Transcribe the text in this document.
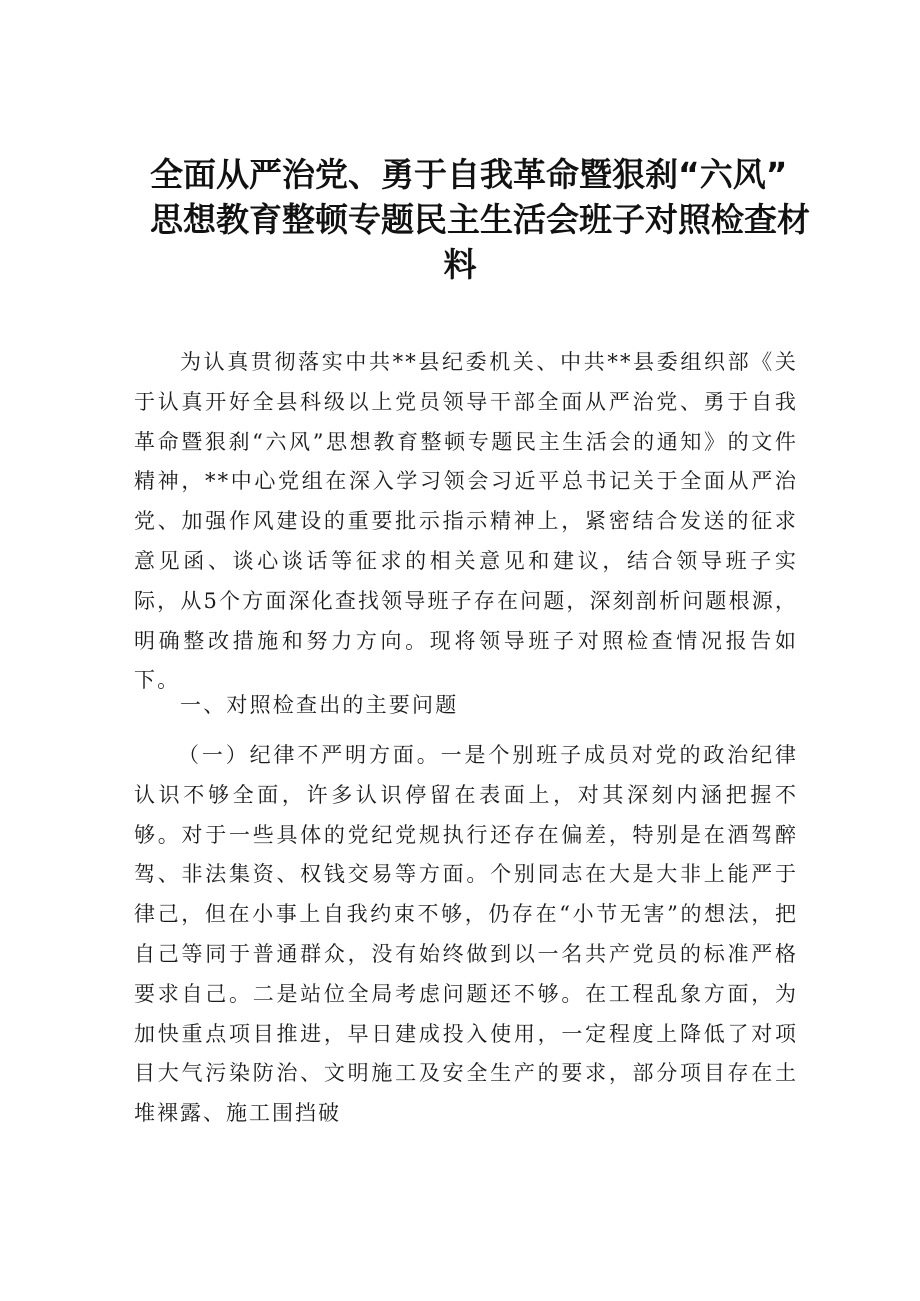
全面从严治党、勇于自我革命暨狠刹“六风”
思想教育整顿专题民主生活会班子对照检查材
料

为认真贯彻落实中共**县纪委机关、中共**县委组织部《关于认真开好全县科级以上党员领导干部全面从严治党、勇于自我革命暨狠刹“六风”思想教育整顿专题民主生活会的通知》的文件精神，**中心党组在深入学习领会习近平总书记关于全面从严治党、加强作风建设的重要批示指示精神上，紧密结合发送的征求意见函、谈心谈话等征求的相关意见和建议，结合领导班子实际，从5个方面深化查找领导班子存在问题，深刻剖析问题根源，明确整改措施和努力方向。现将领导班子对照检查情况报告如下。

一、对照检查出的主要问题

（一）纪律不严明方面。一是个别班子成员对党的政治纪律认识不够全面，许多认识停留在表面上，对其深刻内涵把握不够。对于一些具体的党纪党规执行还存在偏差，特别是在酒驾醉驾、非法集资、权钱交易等方面。个别同志在大是大非上能严于律己，但在小事上自我约束不够，仍存在“小节无害”的想法，把自己等同于普通群众，没有始终做到以一名共产党员的标准严格要求自己。二是站位全局考虑问题还不够。在工程乱象方面，为加快重点项目推进，早日建成投入使用，一定程度上降低了对项目大气污染防治、文明施工及安全生产的要求，部分项目存在土堆裸露、施工围挡破
